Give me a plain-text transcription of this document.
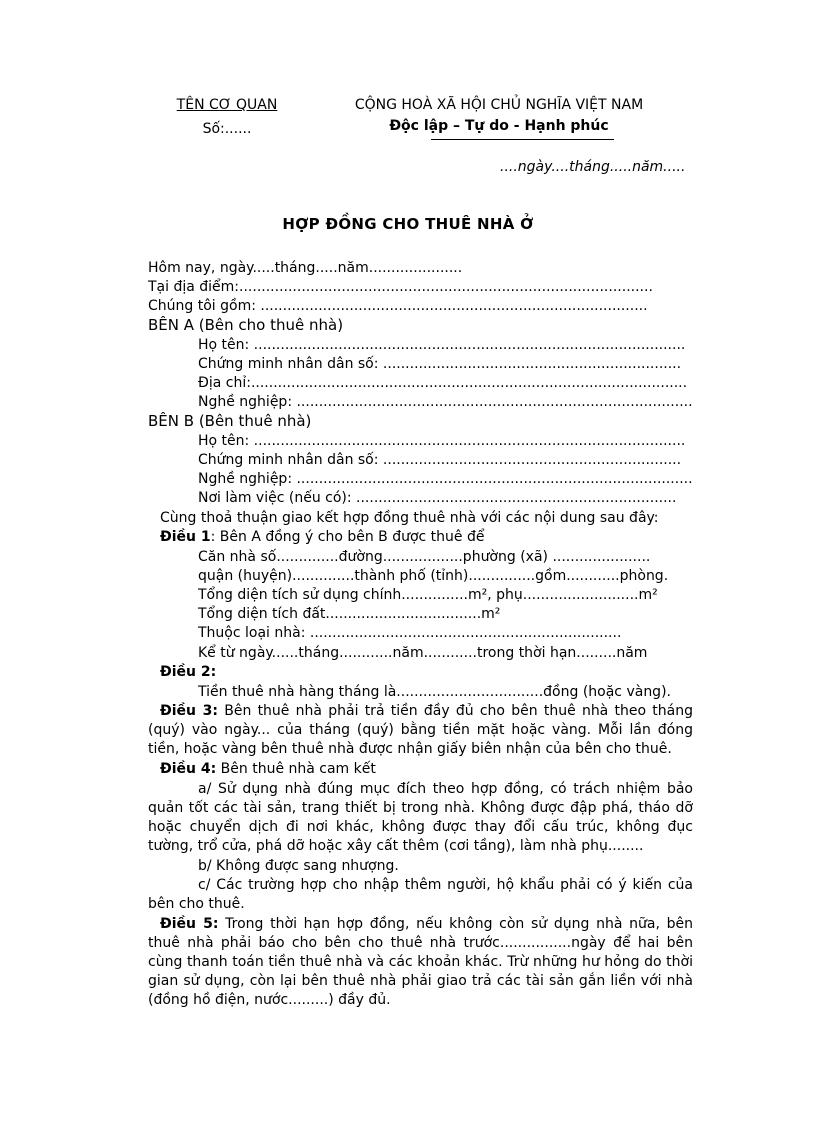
TÊN CƠ QUAN
Số:......
CỘNG HOÀ XÃ HỘI CHỦ NGHĨA VIỆT NAM
Độc lập – Tự do - Hạnh phúc
....ngày....tháng.....năm.....
HỢP ĐỒNG CHO THUÊ NHÀ Ở
Hôm nay, ngày.....tháng.....năm.....................
Tại địa điểm:.............................................................................................
Chúng tôi gồm: .......................................................................................
BÊN A (Bên cho thuê nhà)
Họ tên: .................................................................................................
Chứng minh nhân dân số: ...................................................................
Địa chỉ:..................................................................................................
Nghề nghiệp: .........................................................................................
BÊN B (Bên thuê nhà)
Họ tên: .................................................................................................
Chứng minh nhân dân số: ...................................................................
Nghề nghiệp: .........................................................................................
Nơi làm việc (nếu có): ........................................................................
Cùng thoả thuận giao kết hợp đồng thuê nhà với các nội dung sau đây:
Điều 1: Bên A đồng ý cho bên B được thuê để
Căn nhà số..............đường..................phường (xã) ......................
quận (huyện)..............thành phố (tỉnh)...............gồm............phòng.
Tổng diện tích sử dụng chính...............m², phụ..........................m²
Tổng diện tích đất...................................m²
Thuộc loại nhà: ......................................................................
Kể từ ngày......tháng............năm............trong thời hạn.........năm
Điều 2:
Tiền thuê nhà hàng tháng là.................................đồng (hoặc vàng).
Điều 3: Bên thuê nhà phải trả tiền đầy đủ cho bên thuê nhà theo tháng (quý) vào ngày... của tháng (quý) bằng tiền mặt hoặc vàng. Mỗi lần đóng tiền, hoặc vàng bên thuê nhà được nhận giấy biên nhận của bên cho thuê.
Điều 4: Bên thuê nhà cam kết
a/ Sử dụng nhà đúng mục đích theo hợp đồng, có trách nhiệm bảo quản tốt các tài sản, trang thiết bị trong nhà. Không được đập phá, tháo dỡ hoặc chuyển dịch đi nơi khác, không được thay đổi cấu trúc, không đục tường, trổ cửa, phá dỡ hoặc xây cất thêm (cơi tầng), làm nhà phụ........
b/ Không được sang nhượng.
c/ Các trường hợp cho nhập thêm người, hộ khẩu phải có ý kiến của bên cho thuê.
Điều 5: Trong thời hạn hợp đồng, nếu không còn sử dụng nhà nữa, bên thuê nhà phải báo cho bên cho thuê nhà trước................ngày để hai bên cùng thanh toán tiền thuê nhà và các khoản khác. Trừ những hư hỏng do thời gian sử dụng, còn lại bên thuê nhà phải giao trả các tài sản gắn liền với nhà (đồng hồ điện, nước.........) đầy đủ.
